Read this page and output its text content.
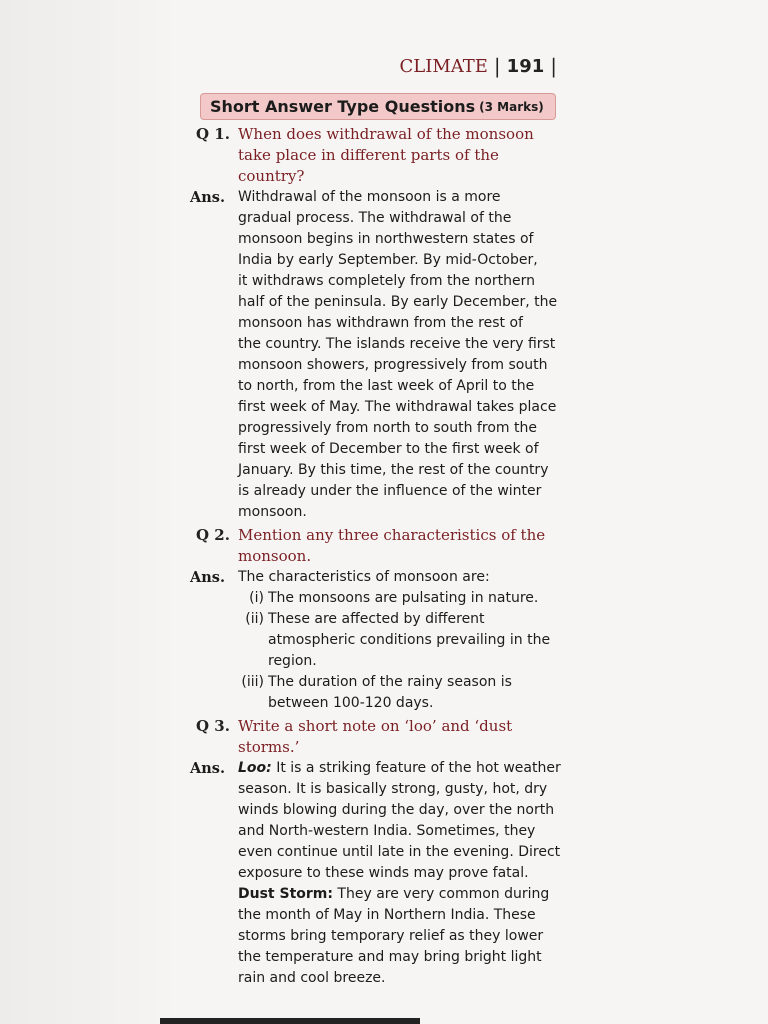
CLIMATE | 191 |
Short Answer Type Questions (3 Marks)
Q 1. When does withdrawal of the monsoon
take place in different parts of the country?
Ans. Withdrawal of the monsoon is a more
gradual process. The withdrawal of the
monsoon begins in northwestern states of
India by early September. By mid-October,
it withdraws completely from the northern
half of the peninsula. By early December, the
monsoon has withdrawn from the rest of
the country. The islands receive the very first
monsoon showers, progressively from south
to north, from the last week of April to the
first week of May. The withdrawal takes place
progressively from north to south from the
first week of December to the first week of
January. By this time, the rest of the country
is already under the influence of the winter
monsoon.
Q 2. Mention any three characteristics of the
monsoon.
Ans. The characteristics of monsoon are:
(i) The monsoons are pulsating in nature.
(ii) These are affected by different
atmospheric conditions prevailing in the
region.
(iii) The duration of the rainy season is
between 100-120 days.
Q 3. Write a short note on ‘loo’ and ‘dust storms.’
Ans. Loo: It is a striking feature of the hot weather
season. It is basically strong, gusty, hot, dry
winds blowing during the day, over the north
and North-western India. Sometimes, they
even continue until late in the evening. Direct
exposure to these winds may prove fatal.
Dust Storm: They are very common during
the month of May in Northern India. These
storms bring temporary relief as they lower
the temperature and may bring bright light
rain and cool breeze.
